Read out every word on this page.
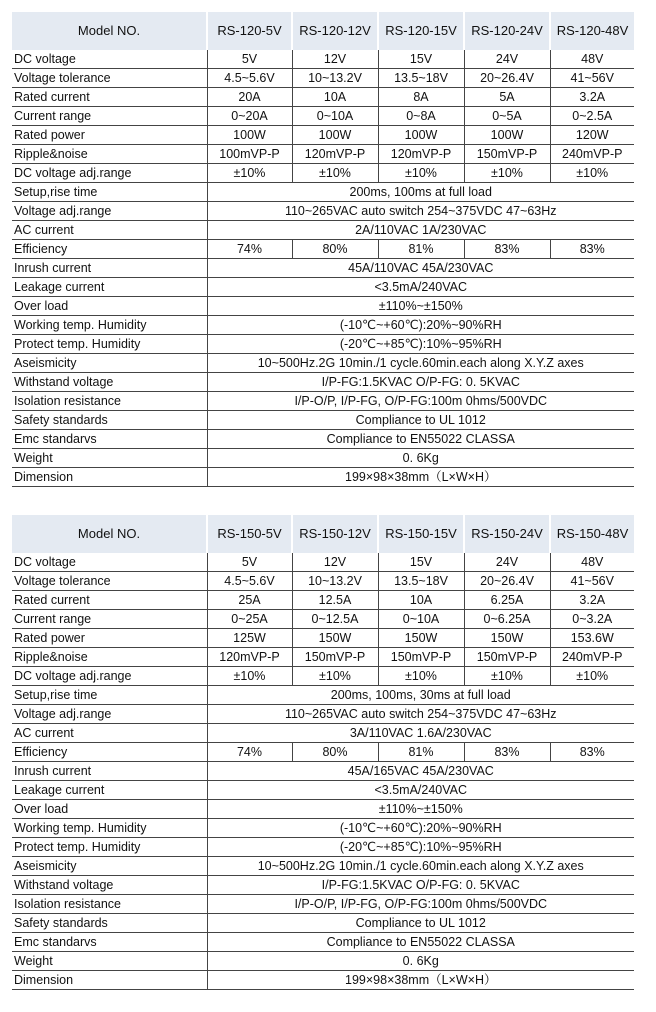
Model NO.	RS-120-5V	RS-120-12V	RS-120-15V	RS-120-24V	RS-120-48V
DC voltage	5V	12V	15V	24V	48V
Voltage tolerance	4.5~5.6V	10~13.2V	13.5~18V	20~26.4V	41~56V
Rated current	20A	10A	8A	5A	3.2A
Current range	0~20A	0~10A	0~8A	0~5A	0~2.5A
Rated power	100W	100W	100W	100W	120W
Ripple&noise	100mVP-P	120mVP-P	120mVP-P	150mVP-P	240mVP-P
DC voltage adj.range	±10%	±10%	±10%	±10%	±10%
Setup,rise time	200ms, 100ms at full load				
Voltage adj.range	110~265VAC auto switch 254~375VDC 47~63Hz				
AC current	2A/110VAC 1A/230VAC				
Efficiency	74%	80%	81%	83%	83%
Inrush current	45A/110VAC 45A/230VAC				
Leakage current	<3.5mA/240VAC				
Over load	±110%~±150%				
Working temp. Humidity	(-10℃~+60℃):20%~90%RH				
Protect temp. Humidity	(-20℃~+85℃):10%~95%RH				
Aseismicity	10~500Hz.2G 10min./1 cycle.60min.each along X.Y.Z axes				
Withstand voltage	I/P-FG:1.5KVAC O/P-FG: 0. 5KVAC				
Isolation resistance	I/P-O/P, I/P-FG, O/P-FG:100m 0hms/500VDC				
Safety standards	Compliance to UL 1012				
Emc standarvs	Compliance to EN55022 CLASSA				
Weight	0. 6Kg				
Dimension	199×98×38mm（L×W×H）				
Model NO.	RS-150-5V	RS-150-12V	RS-150-15V	RS-150-24V	RS-150-48V
DC voltage	5V	12V	15V	24V	48V
Voltage tolerance	4.5~5.6V	10~13.2V	13.5~18V	20~26.4V	41~56V
Rated current	25A	12.5A	10A	6.25A	3.2A
Current range	0~25A	0~12.5A	0~10A	0~6.25A	0~3.2A
Rated power	125W	150W	150W	150W	153.6W
Ripple&noise	120mVP-P	150mVP-P	150mVP-P	150mVP-P	240mVP-P
DC voltage adj.range	±10%	±10%	±10%	±10%	±10%
Setup,rise time	200ms, 100ms, 30ms at full load				
Voltage adj.range	110~265VAC auto switch 254~375VDC 47~63Hz				
AC current	3A/110VAC 1.6A/230VAC				
Efficiency	74%	80%	81%	83%	83%
Inrush current	45A/165VAC 45A/230VAC				
Leakage current	<3.5mA/240VAC				
Over load	±110%~±150%				
Working temp. Humidity	(-10℃~+60℃):20%~90%RH				
Protect temp. Humidity	(-20℃~+85℃):10%~95%RH				
Aseismicity	10~500Hz.2G 10min./1 cycle.60min.each along X.Y.Z axes				
Withstand voltage	I/P-FG:1.5KVAC O/P-FG: 0. 5KVAC				
Isolation resistance	I/P-O/P, I/P-FG, O/P-FG:100m 0hms/500VDC				
Safety standards	Compliance to UL 1012				
Emc standarvs	Compliance to EN55022 CLASSA				
Weight	0. 6Kg				
Dimension	199×98×38mm（L×W×H）				
